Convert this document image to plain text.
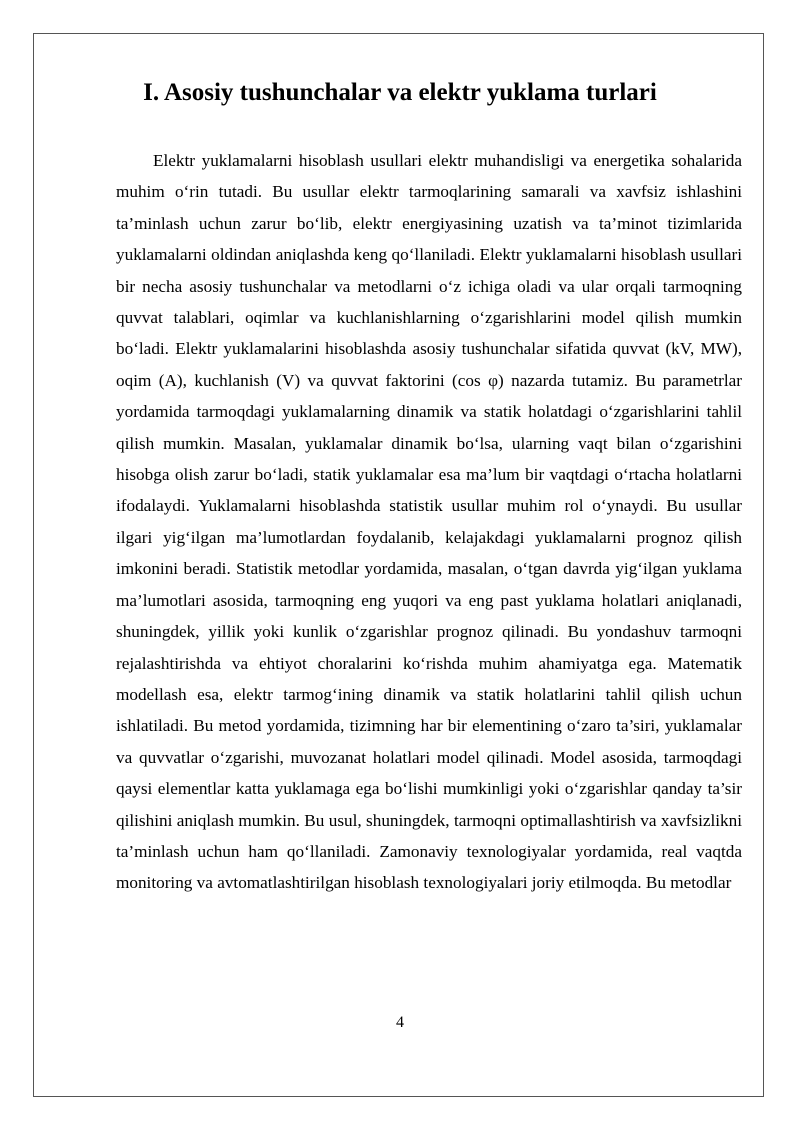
I. Asosiy tushunchalar va elektr yuklama turlari

Elektr yuklamalarni hisoblash usullari elektr muhandisligi va energetika sohalarida muhim o‘rin tutadi. Bu usullar elektr tarmoqlarining samarali va xavfsiz ishlashini ta’minlash uchun zarur bo‘lib, elektr energiyasining uzatish va ta’minot tizimlarida yuklamalarni oldindan aniqlashda keng qo‘llaniladi. Elektr yuklamalarni hisoblash usullari bir necha asosiy tushunchalar va metodlarni o‘z ichiga oladi va ular orqali tarmoqning quvvat talablari, oqimlar va kuchlanishlarning o‘zgarishlarini model qilish mumkin bo‘ladi. Elektr yuklamalarini hisoblashda asosiy tushunchalar sifatida quvvat (kV, MW), oqim (A), kuchlanish (V) va quvvat faktorini (cos φ) nazarda tutamiz. Bu parametrlar yordamida tarmoqdagi yuklamalarning dinamik va statik holatdagi o‘zgarishlarini tahlil qilish mumkin. Masalan, yuklamalar dinamik bo‘lsa, ularning vaqt bilan o‘zgarishini hisobga olish zarur bo‘ladi, statik yuklamalar esa ma’lum bir vaqtdagi o‘rtacha holatlarni ifodalaydi. Yuklamalarni hisoblashda statistik usullar muhim rol o‘ynaydi. Bu usullar ilgari yig‘ilgan ma’lumotlardan foydalanib, kelajakdagi yuklamalarni prognoz qilish imkonini beradi. Statistik metodlar yordamida, masalan, o‘tgan davrda yig‘ilgan yuklama ma’lumotlari asosida, tarmoqning eng yuqori va eng past yuklama holatlari aniqlanadi, shuningdek, yillik yoki kunlik o‘zgarishlar prognoz qilinadi. Bu yondashuv tarmoqni rejalashtirishda va ehtiyot choralarini ko‘rishda muhim ahamiyatga ega. Matematik modellash esa, elektr tarmog‘ining dinamik va statik holatlarini tahlil qilish uchun ishlatiladi. Bu metod yordamida, tizimning har bir elementining o‘zaro ta’siri, yuklamalar va quvvatlar o‘zgarishi, muvozanat holatlari model qilinadi. Model asosida, tarmoqdagi qaysi elementlar katta yuklamaga ega bo‘lishi mumkinligi yoki o‘zgarishlar qanday ta’sir qilishini aniqlash mumkin. Bu usul, shuningdek, tarmoqni optimallashtirish va xavfsizlikni ta’minlash uchun ham qo‘llaniladi. Zamonaviy texnologiyalar yordamida, real vaqtda monitoring va avtomatlashtirilgan hisoblash texnologiyalari joriy etilmoqda. Bu metodlar

4
